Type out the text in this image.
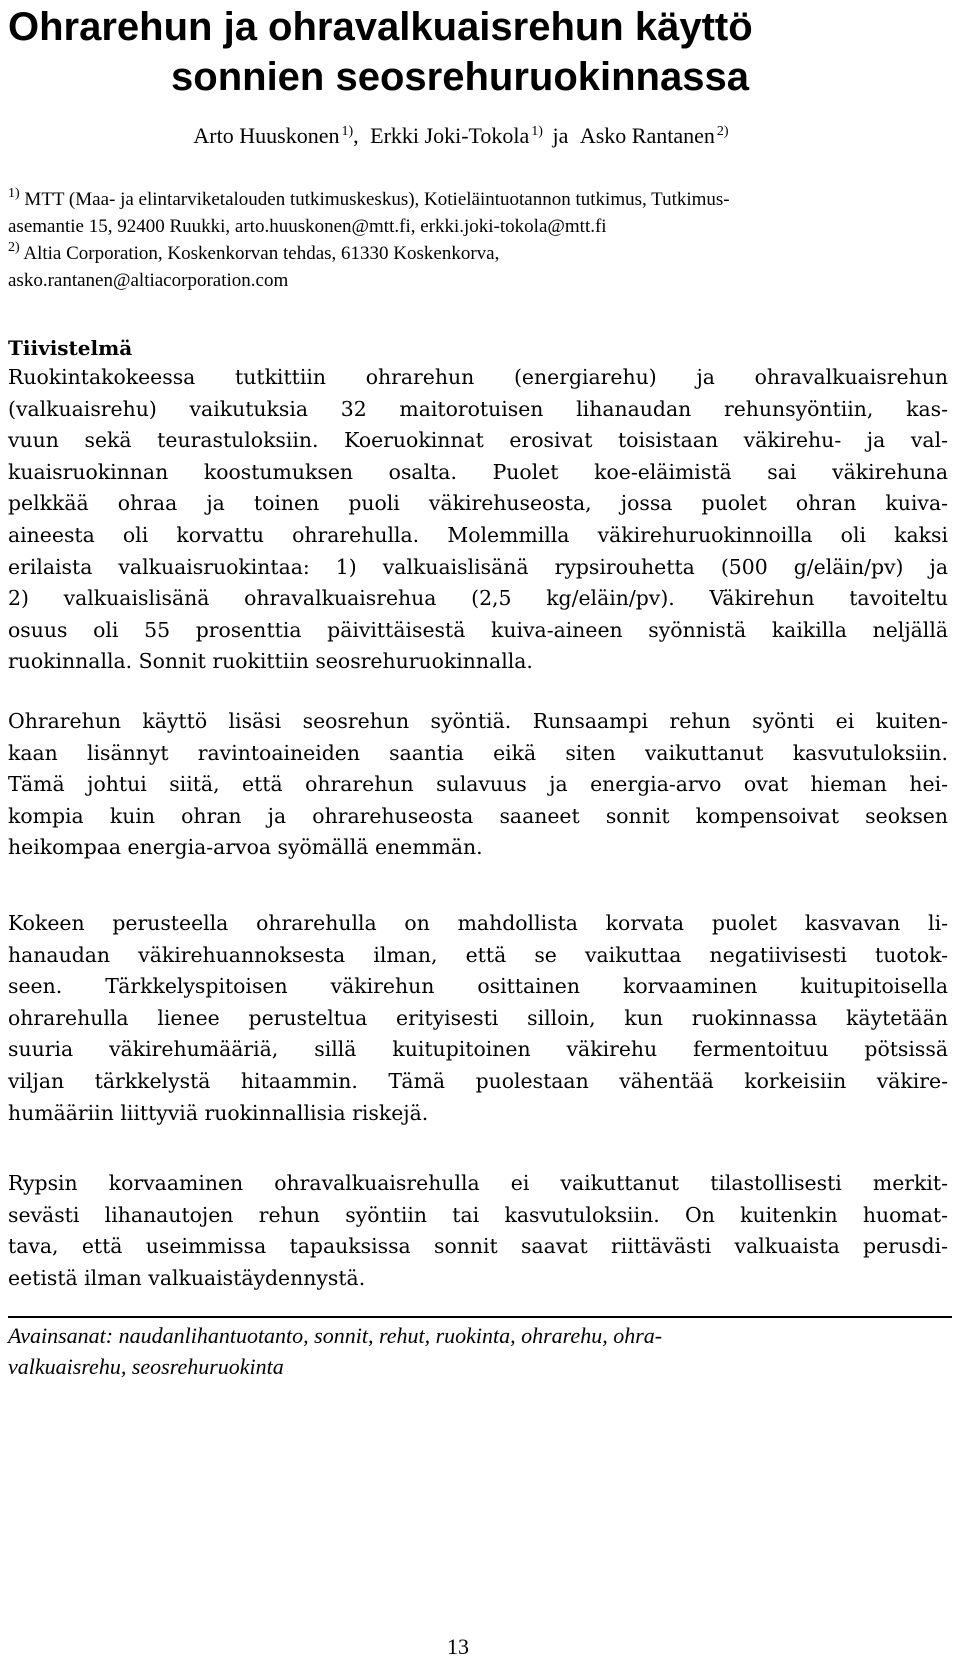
Ohrarehun ja ohravalkuaisrehun käyttö
sonnien seosrehuruokinnassa
Arto Huuskonen $^{1)}$, Erkki Joki-Tokola $^{1)}$ ja Asko Rantanen $^{2)}$
$^{1)}$ MTT (Maa- ja elintarviketalouden tutkimuskeskus), Kotieläintuotannon tutkimus, Tutkimus-
asemantie 15, 92400 Ruukki, arto.huuskonen@mtt.fi, erkki.joki-tokola@mtt.fi
$^{2)}$ Altia Corporation, Koskenkorvan tehdas, 61330 Koskenkorva,
asko.rantanen@altiacorporation.com
Tiivistelmä
Ruokintakokeessa tutkittiin ohrarehun (energiarehu) ja ohravalkuaisrehun
(valkuaisrehu) vaikutuksia 32 maitorotuisen lihanaudan rehunsyöntiin, kas-
vuun sekä teurastuloksiin. Koeruokinnat erosivat toisistaan väkirehu- ja val-
kuaisruokinnan koostumuksen osalta. Puolet koe-eläimistä sai väkirehuna
pelkkää ohraa ja toinen puoli väkirehuseosta, jossa puolet ohran kuiva-
aineesta oli korvattu ohrarehulla. Molemmilla väkirehuruokinnoilla oli kaksi
erilaista valkuaisruokintaa: 1) valkuaislisänä rypsirouhetta (500 g/eläin/pv) ja
2) valkuaislisänä ohravalkuaisrehua (2,5 kg/eläin/pv). Väkirehun tavoiteltu
osuus oli 55 prosenttia päivittäisestä kuiva-aineen syönnistä kaikilla neljällä
ruokinnalla. Sonnit ruokittiin seosrehuruokinnalla.
Ohrarehun käyttö lisäsi seosrehun syöntiä. Runsaampi rehun syönti ei kuiten-
kaan lisännyt ravintoaineiden saantia eikä siten vaikuttanut kasvutuloksiin.
Tämä johtui siitä, että ohrarehun sulavuus ja energia-arvo ovat hieman hei-
kompia kuin ohran ja ohrarehuseosta saaneet sonnit kompensoivat seoksen
heikompaa energia-arvoa syömällä enemmän.
Kokeen perusteella ohrarehulla on mahdollista korvata puolet kasvavan li-
hanaudan väkirehuannoksesta ilman, että se vaikuttaa negatiivisesti tuotok-
seen. Tärkkelyspitoisen väkirehun osittainen korvaaminen kuitupitoisella
ohrarehulla lienee perusteltua erityisesti silloin, kun ruokinnassa käytetään
suuria väkirehumääriä, sillä kuitupitoinen väkirehu fermentoituu pötsissä
viljan tärkkelystä hitaammin. Tämä puolestaan vähentää korkeisiin väkire-
humääriin liittyviä ruokinnallisia riskejä.
Rypsin korvaaminen ohravalkuaisrehulla ei vaikuttanut tilastollisesti merkit-
sevästi lihanautojen rehun syöntiin tai kasvutuloksiin. On kuitenkin huomat-
tava, että useimmissa tapauksissa sonnit saavat riittävästi valkuaista perusdi-
eetistä ilman valkuaistäydennystä.
Avainsanat: naudanlihantuotanto, sonnit, rehut, ruokinta, ohrarehu, ohra-
valkuaisrehu, seosrehuruokinta
13
